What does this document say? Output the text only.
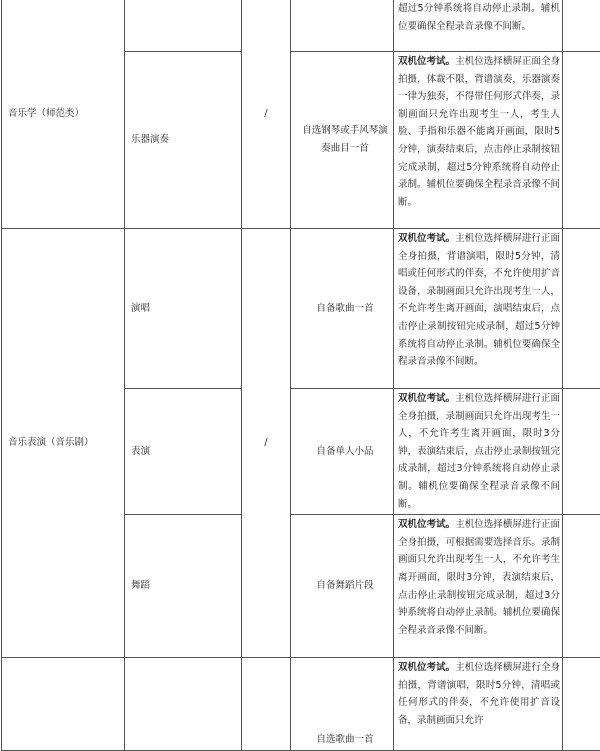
音乐学（师范类）		/		超过5分钟系统将自动停止录制。辅机位要确保全程录音录像不间断。	
	乐器演奏		自选钢琴或手风琴演奏曲目一首	双机位考试。主机位选择横屏正面全身拍摄，体裁不限，背谱演奏，乐器演奏一律为独奏，不得带任何形式伴奏，录制画面只允许出现考生一人，考生人脸、手指和乐器不能离开画面，限时5分钟，演奏结束后，点击停止录制按钮完成录制，超过5分钟系统将自动停止录制。辅机位要确保全程录音录像不间断。	
音乐表演（音乐剧）	演唱	/	自备歌曲一首	双机位考试。主机位选择横屏进行正面全身拍摄，背谱演唱，限时5分钟，清唱或任何形式的伴奏，不允许使用扩音设备，录制画面只允许出现考生一人，不允许考生离开画面，演唱结束后，点击停止录制按钮完成录制，超过5分钟系统将自动停止录制。辅机位要确保全程录音录像不间断。	
	表演		自备单人小品	双机位考试。主机位选择横屏进行正面全身拍摄，录制画面只允许出现考生一人，不允许考生离开画面，限时3分钟，表演结束后，点击停止录制按钮完成录制，超过3分钟系统将自动停止录制。辅机位要确保全程录音录像不间断。	
	舞蹈		自备舞蹈片段	双机位考试。主机位选择横屏进行正面全身拍摄，可根据需要选择音乐。录制画面只允许出现考生一人，不允许考生离开画面，限时3分钟，表演结束后，点击停止录制按钮完成录制，超过3分钟系统将自动停止录制。辅机位要确保全程录音录像不间断。	
			自选歌曲一首	双机位考试。主机位选择横屏进行全身拍摄，背谱演唱，限时5分钟，清唱或任何形式的伴奏，不允许使用扩音设备，录制画面只允许	
